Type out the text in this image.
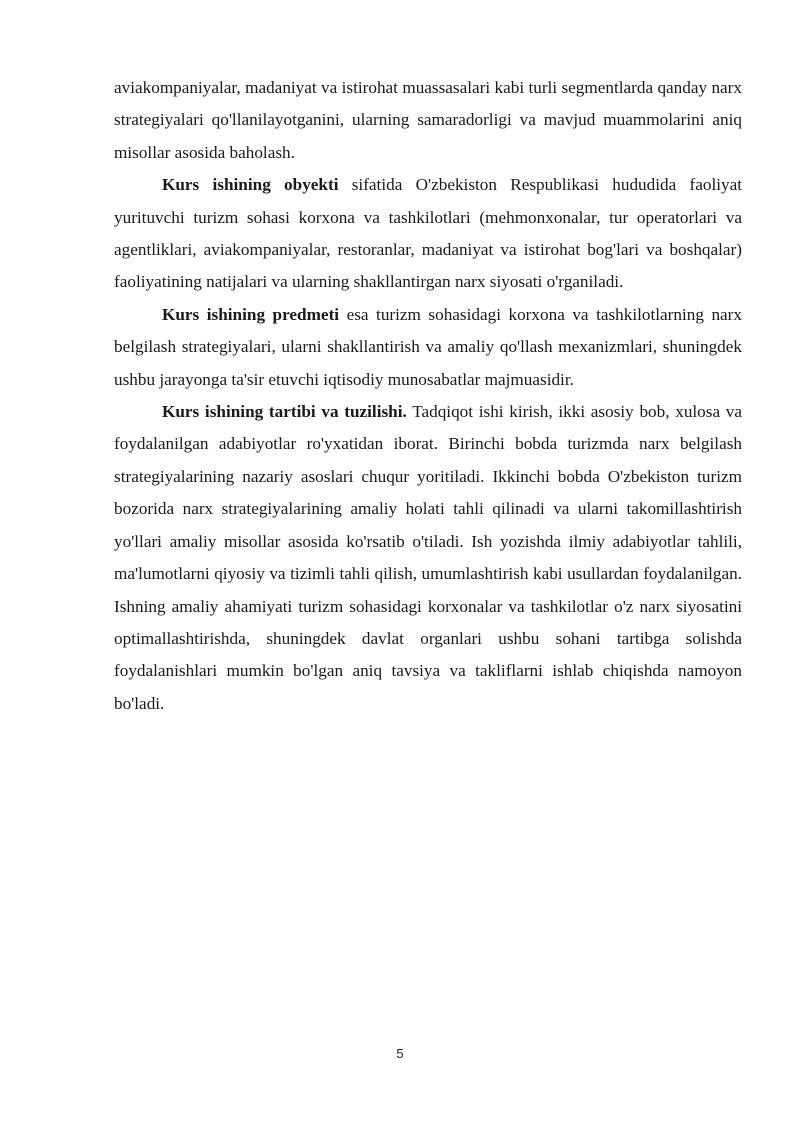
aviakompaniyalar, madaniyat va istirohat muassasalari kabi turli segmentlarda qanday narx strategiyalari qo'llanilayotganini, ularning samaradorligi va mavjud muammolarini aniq misollar asosida baholash.

Kurs ishining obyekti sifatida O'zbekiston Respublikasi hududida faoliyat yurituvchi turizm sohasi korxona va tashkilotlari (mehmonxonalar, tur operatorlari va agentliklari, aviakompaniyalar, restoranlar, madaniyat va istirohat bog'lari va boshqalar) faoliyatining natijalari va ularning shakllantirgan narx siyosati o'rganiladi.

Kurs ishining predmeti esa turizm sohasidagi korxona va tashkilotlarning narx belgilash strategiyalari, ularni shakllantirish va amaliy qo'llash mexanizmlari, shuningdek ushbu jarayonga ta'sir etuvchi iqtisodiy munosabatlar majmuasidir.

Kurs ishining tartibi va tuzilishi. Tadqiqot ishi kirish, ikki asosiy bob, xulosa va foydalanilgan adabiyotlar ro'yxatidan iborat. Birinchi bobda turizmda narx belgilash strategiyalarining nazariy asoslari chuqur yoritiladi. Ikkinchi bobda O'zbekiston turizm bozorida narx strategiyalarining amaliy holati tahli qilinadi va ularni takomillashtirish yo'llari amaliy misollar asosida ko'rsatib o'tiladi. Ish yozishda ilmiy adabiyotlar tahlili, ma'lumotlarni qiyosiy va tizimli tahli qilish, umumlashtirish kabi usullardan foydalanilgan. Ishning amaliy ahamiyati turizm sohasidagi korxonalar va tashkilotlar o'z narx siyosatini optimallashtirishda, shuningdek davlat organlari ushbu sohani tartibga solishda foydalanishlari mumkin bo'lgan aniq tavsiya va takliflarni ishlab chiqishda namoyon bo'ladi.

5
